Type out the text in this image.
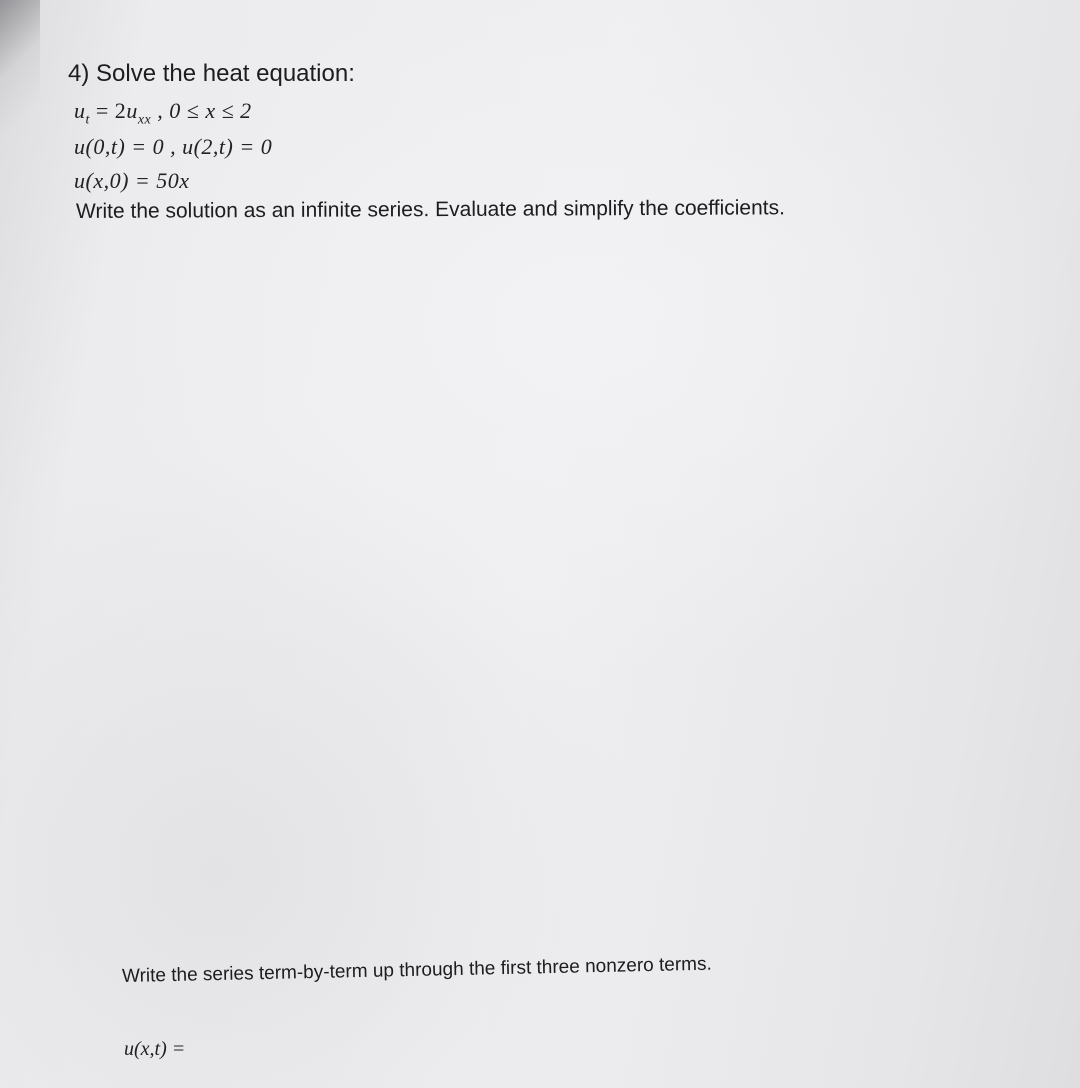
4) Solve the heat equation:
$u_t = 2u_{xx}$ , 0 ≤ x ≤ 2
u(0,t) = 0 , u(2,t) = 0
u(x,0) = 50x
Write the solution as an infinite series. Evaluate and simplify the coefficients.
Write the series term-by-term up through the first three nonzero terms.
u(x,t) =
